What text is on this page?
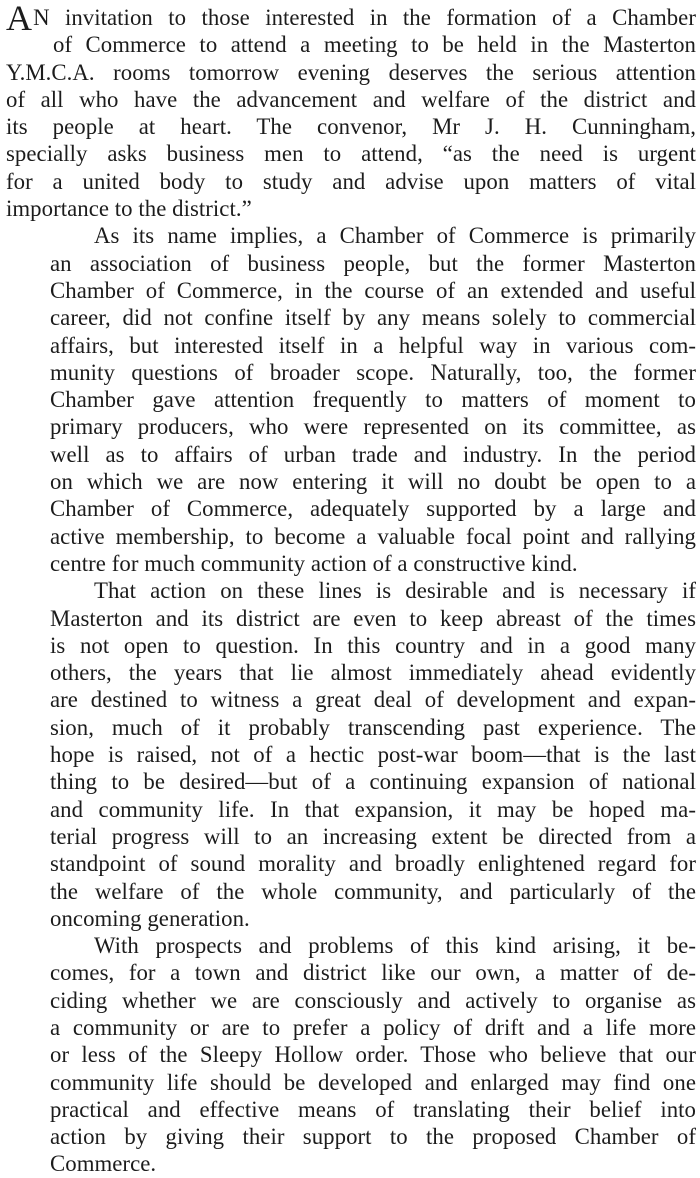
AN invitation to those interested in the formation of a Chamber
of Commerce to attend a meeting to be held in the Masterton
Y.M.C.A. rooms tomorrow evening deserves the serious attention
of all who have the advancement and welfare of the district and
its people at heart. The convenor, Mr J. H. Cunningham,
specially asks business men to attend, “as the need is urgent
for a united body to study and advise upon matters of vital
importance to the district.”
As its name implies, a Chamber of Commerce is primarily
an association of business people, but the former Masterton
Chamber of Commerce, in the course of an extended and useful
career, did not confine itself by any means solely to commercial
affairs, but interested itself in a helpful way in various com-
munity questions of broader scope. Naturally, too, the former
Chamber gave attention frequently to matters of moment to
primary producers, who were represented on its committee, as
well as to affairs of urban trade and industry. In the period
on which we are now entering it will no doubt be open to a
Chamber of Commerce, adequately supported by a large and
active membership, to become a valuable focal point and rallying
centre for much community action of a constructive kind.
That action on these lines is desirable and is necessary if
Masterton and its district are even to keep abreast of the times
is not open to question. In this country and in a good many
others, the years that lie almost immediately ahead evidently
are destined to witness a great deal of development and expan-
sion, much of it probably transcending past experience. The
hope is raised, not of a hectic post-war boom—that is the last
thing to be desired—but of a continuing expansion of national
and community life. In that expansion, it may be hoped ma-
terial progress will to an increasing extent be directed from a
standpoint of sound morality and broadly enlightened regard for
the welfare of the whole community, and particularly of the
oncoming generation.
With prospects and problems of this kind arising, it be-
comes, for a town and district like our own, a matter of de-
ciding whether we are consciously and actively to organise as
a community or are to prefer a policy of drift and a life more
or less of the Sleepy Hollow order. Those who believe that our
community life should be developed and enlarged may find one
practical and effective means of translating their belief into
action by giving their support to the proposed Chamber of
Commerce.
